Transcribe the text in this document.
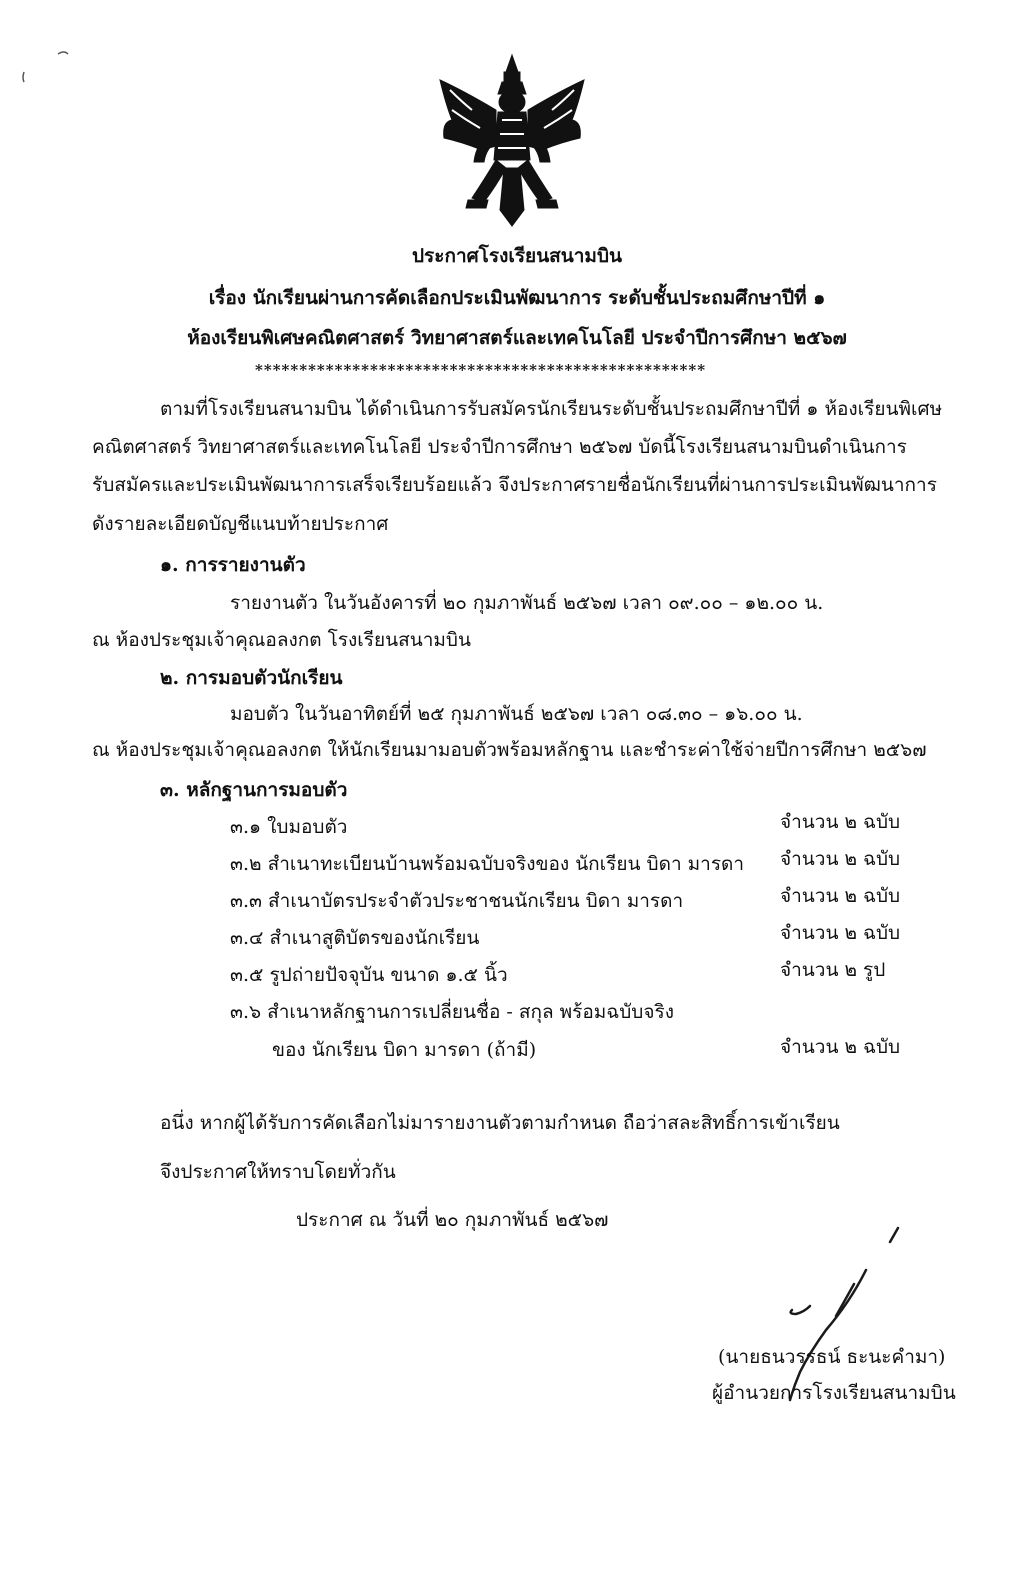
ประกาศโรงเรียนสนามบิน
เรื่อง นักเรียนผ่านการคัดเลือกประเมินพัฒนาการ ระดับชั้นประถมศึกษาปีที่ ๑
ห้องเรียนพิเศษคณิตศาสตร์ วิทยาศาสตร์และเทคโนโลยี ประจำปีการศึกษา ๒๕๖๗
***************************************************
ตามที่โรงเรียนสนามบิน ได้ดำเนินการรับสมัครนักเรียนระดับชั้นประถมศึกษาปีที่ ๑ ห้องเรียนพิเศษ
คณิตศาสตร์ วิทยาศาสตร์และเทคโนโลยี ประจำปีการศึกษา ๒๕๖๗ บัดนี้โรงเรียนสนามบินดำเนินการ
รับสมัครและประเมินพัฒนาการเสร็จเรียบร้อยแล้ว จึงประกาศรายชื่อนักเรียนที่ผ่านการประเมินพัฒนาการ
ดังรายละเอียดบัญชีแนบท้ายประกาศ
๑. การรายงานตัว
รายงานตัว ในวันอังคารที่ ๒๐ กุมภาพันธ์ ๒๕๖๗ เวลา ๐๙.๐๐ – ๑๒.๐๐ น.
ณ ห้องประชุมเจ้าคุณอลงกต โรงเรียนสนามบิน
๒. การมอบตัวนักเรียน
มอบตัว ในวันอาทิตย์ที่ ๒๕ กุมภาพันธ์ ๒๕๖๗ เวลา ๐๘.๓๐ – ๑๖.๐๐ น.
ณ ห้องประชุมเจ้าคุณอลงกต ให้นักเรียนมามอบตัวพร้อมหลักฐาน และชำระค่าใช้จ่ายปีการศึกษา ๒๕๖๗
๓. หลักฐานการมอบตัว
๓.๑ ใบมอบตัว	จำนวน ๒ ฉบับ
๓.๒ สำเนาทะเบียนบ้านพร้อมฉบับจริงของ นักเรียน บิดา มารดา จำนวน ๒ ฉบับ
๓.๓ สำเนาบัตรประจำตัวประชาชนนักเรียน บิดา มารดา	จำนวน ๒ ฉบับ
๓.๔ สำเนาสูติบัตรของนักเรียน	จำนวน ๒ ฉบับ
๓.๕ รูปถ่ายปัจจุบัน ขนาด ๑.๕ นิ้ว	จำนวน ๒ รูป
๓.๖ สำเนาหลักฐานการเปลี่ยนชื่อ - สกุล พร้อมฉบับจริง
ของ นักเรียน บิดา มารดา (ถ้ามี)	จำนวน ๒ ฉบับ
อนึ่ง หากผู้ได้รับการคัดเลือกไม่มารายงานตัวตามกำหนด ถือว่าสละสิทธิ์การเข้าเรียน
จึงประกาศให้ทราบโดยทั่วกัน
ประกาศ ณ วันที่ ๒๐ กุมภาพันธ์ ๒๕๖๗
(นายธนวรรธน์ ธะนะคำมา)
ผู้อำนวยการโรงเรียนสนามบิน
